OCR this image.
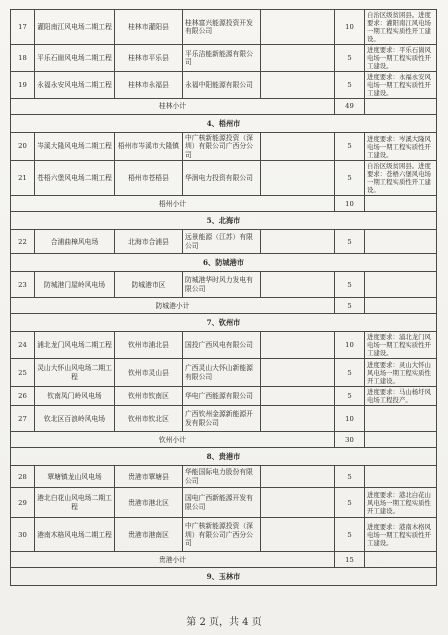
17	灌阳南江风电场二期工程	桂林市灌阳县	桂林富兴能源投资开发有限公司		10	自治区级贫困县。进度要求：灌阳南江风电场一期工程实质性开工建设。
18	平乐石崮风电场二期工程	桂林市平乐县	平乐洁能新能源有限公司		5	进度要求：平乐石崮风电场一期工程实质性开工建设。
19	永福永安风电场二期工程	桂林市永福县	永福中阳能源有限公司		5	进度要求：永福永安风电场一期工程实质性开工建设。
桂林小计					49	
4、梧州市						
20	岑溪大隆风电场二期工程	梧州市岑溪市大隆镇	中广核新能源投资（深圳）有限公司广西分公司		5	进度要求：岑溪大隆风电场一期工程实质性开工建设。
21	苍梧六堡风电场二期工程	梧州市苍梧县	华润电力投资有限公司		5	自治区级贫困县。进度要求：苍梧六堡风电场一期工程实质性开工建设。
梧州小计					10	
5、北海市						
22	合浦曲樟风电场	北海市合浦县	远景能源（江苏）有限公司		5	
6、防城港市						
23	防城港门屋岭风电场	防城港市区	防城港华时风力发电有限公司		5	
防城港小计					5	
7、钦州市						
24	浦北龙门风电场二期工程	钦州市浦北县	国投广西风电有限公司		10	进度要求：浦北龙门风电场一期工程实质性开工建设。
25	灵山大怀山风电场二期工程	钦州市灵山县	广西灵山大怀山新能源有限公司		5	进度要求：灵山大怀山风电场一期工程实质性开工建设。
26	钦南凤门岭风电场	钦州市钦南区	华电广西能源有限公司		5	进度要求：马山杨圩风电场工程投产。
27	钦北区百浪岭风电场	钦州市钦北区	广西钦州金源新能源开发有限公司		10	
钦州小计					30	
8、贵港市						
28	覃塘镇龙山风电场	贵港市覃塘县	华能国际电力股份有限公司		5	
29	港北白花山风电场二期工程	贵港市港北区	国电广西新能源开发有限公司		5	进度要求：港北白花山风电场一期工程实质性开工建设。
30	港南木格风电场二期工程	贵港市港南区	中广核新能源投资（深圳）有限公司广西分公司		5	进度要求：港南木格风电场一期工程实质性开工建设。
贵港小计					15	
9、玉林市						
第 2 页，共 4 页
